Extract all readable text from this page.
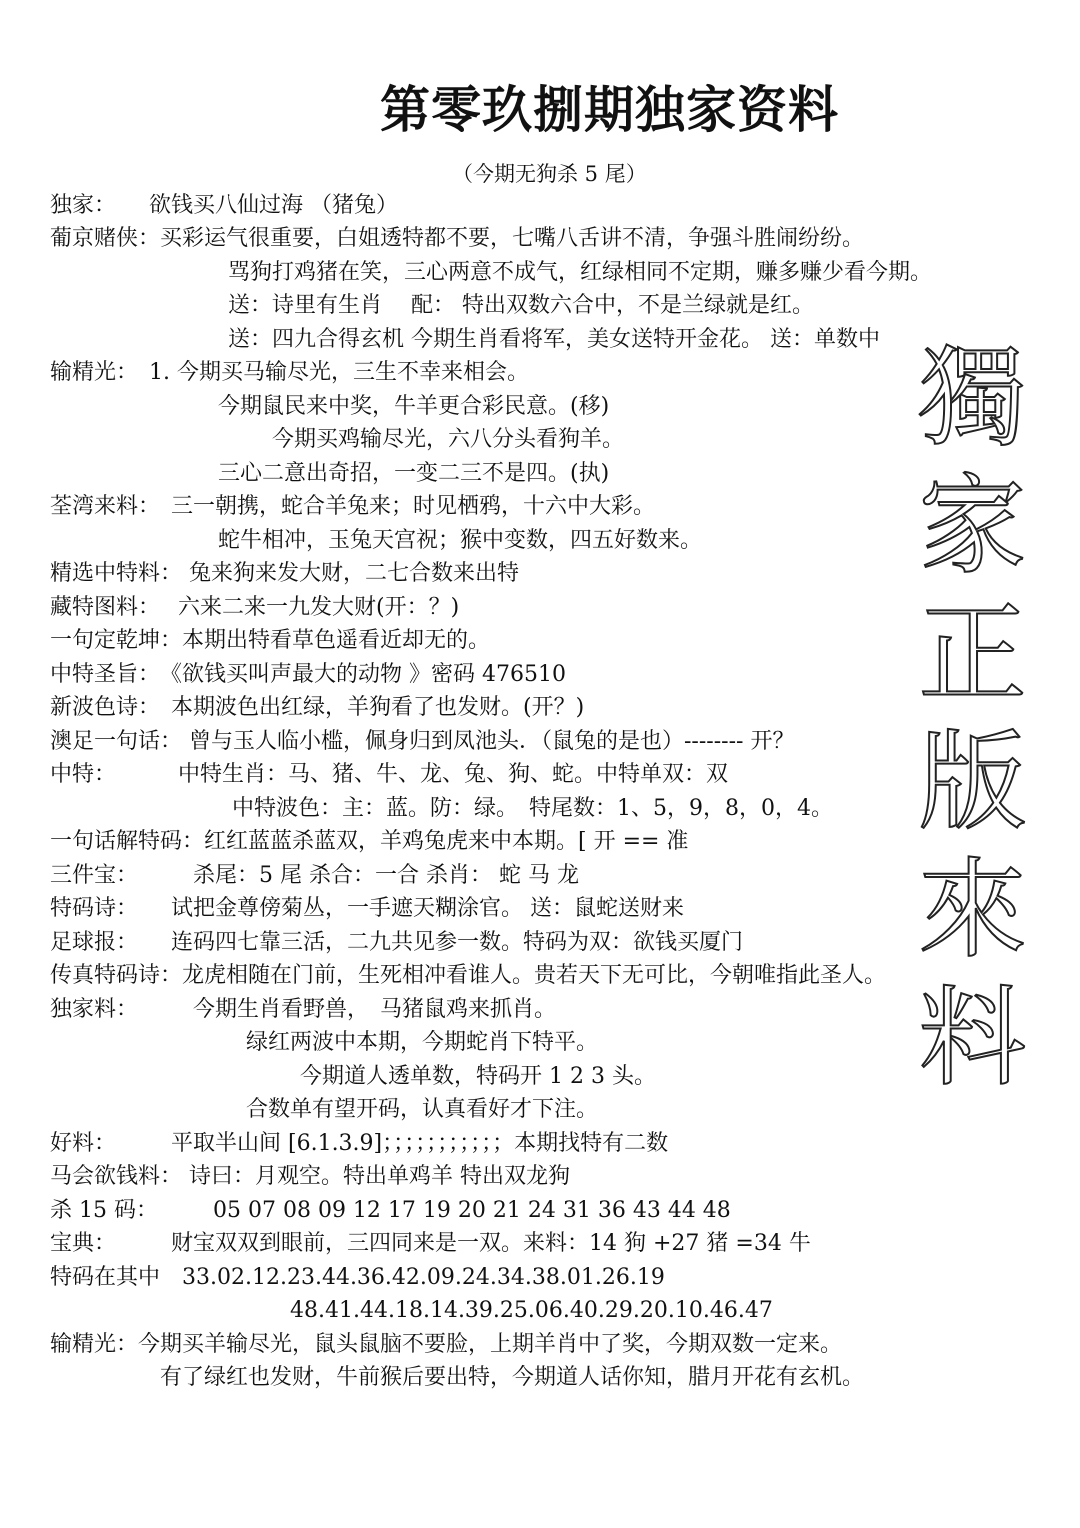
第零玖捌期独家资料
（今期无狗杀 5 尾）
独家：　　欲钱买八仙过海 （猪兔）
葡京赌侠：买彩运气很重要，白姐透特都不要，七嘴八舌讲不清，争强斗胜闹纷纷。
骂狗打鸡猪在笑，三心两意不成气，红绿相同不定期，赚多赚少看今期。
送：诗里有生肖　 配： 特出双数六合中，不是兰绿就是红。
送：四九合得玄机 今期生肖看将军，美女送特开金花。 送：单数中
输精光：　1. 今期买马输尽光，三生不幸来相会。
今期鼠民来中奖，牛羊更合彩民意。(移)
今期买鸡输尽光，六八分头看狗羊。
三心二意出奇招，一变二三不是四。(执)
荃湾来料：　三一朝携，蛇合羊兔来；时见栖鸦，十六中大彩。
蛇牛相冲，玉兔天宫祝；猴中变数，四五好数来。
精选中特料： 兔来狗来发大财，二七合数来出特
藏特图料：　 六来二来一九发大财(开：？)
一句定乾坤：本期出特看草色遥看近却无的。
中特圣旨：　《欲钱买叫声最大的动物 》密码 476510
新波色诗：　本期波色出红绿，羊狗看了也发财。(开？)
澳足一句话： 曾与玉人临小槛，佩身归到凤池头．（鼠兔的是也）-------- 开？
中特：　　　 中特生肖：马、猪、牛、龙、兔、狗、蛇。中特单双：双
中特波色：主：蓝。防：绿。　特尾数：1、5，9，8，0，4。
一句话解特码：红红蓝蓝杀蓝双，羊鸡兔虎来中本期。[ 开 == 准
三件宝：　　　杀尾：5 尾 杀合：一合 杀肖： 蛇 马 龙
特码诗：　　试把金尊傍菊丛，一手遮天糊涂官。 送：鼠蛇送财来
足球报：　　连码四七靠三活，二九共见参一数。特码为双：欲钱买厦门
传真特码诗：龙虎相随在门前，生死相冲看谁人。贵若天下无可比，今朝唯指此圣人。
独家料：　　　今期生肖看野兽，　马猪鼠鸡来抓肖。
绿红两波中本期，今期蛇肖下特平。
今期道人透单数，特码开 1 2 3 头。
合数单有望开码，认真看好才下注。
好料：　　　平取半山间 [6.1.3.9]；；；；；；；；；；；本期找特有二数
马会欲钱料： 诗曰：月观空。特出单鸡羊 特出双龙狗
杀 15 码：　　　05 07 08 09 12 17 19 20 21 24 31 36 43 44 48
宝典：　　　财宝双双到眼前，三四同来是一双。来料：14 狗 +27 猪 =34 牛
特码在其中　33.02.12.23.44.36.42.09.24.34.38.01.26.19
48.41.44.18.14.39.25.06.40.29.20.10.46.47
输精光：今期买羊输尽光，鼠头鼠脑不要脸，上期羊肖中了奖，今期双数一定来。
有了绿红也发财，牛前猴后要出特，今期道人话你知，腊月开花有玄机。
獨
家
正
版
來
料
